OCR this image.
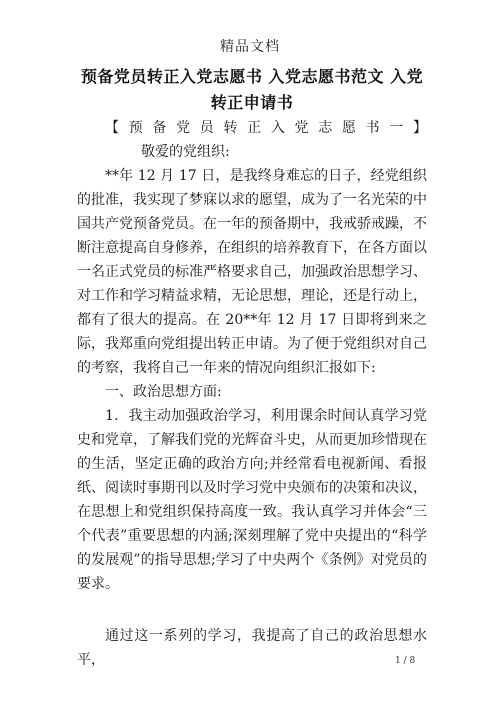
精品文档
预备党员转正入党志愿书 入党志愿书范文 入党转正申请书

【预备党员转正入党志愿书一】敬爱的党组织:

**年 12 月 17 日，是我终身难忘的日子，经党组织的批准，我实现了梦寐以求的愿望，成为了一名光荣的中国共产党预备党员。在一年的预备期中，我戒骄戒躁，不断注意提高自身修养，在组织的培养教育下，在各方面以一名正式党员的标准严格要求自己，加强政治思想学习、对工作和学习精益求精，无论思想，理论，还是行动上，都有了很大的提高。在 20**年 12 月 17 日即将到来之际，我郑重向党组提出转正申请。为了便于党组织对自己的考察，我将自己一年来的情况向组织汇报如下:

一、政治思想方面:

1．我主动加强政治学习，利用课余时间认真学习党史和党章，了解我们党的光辉奋斗史，从而更加珍惜现在的生活，坚定正确的政治方向;并经常看电视新闻、看报纸、阅读时事期刊以及时学习党中央颁布的决策和决议，在思想上和党组织保持高度一致。我认真学习并体会“三个代表”重要思想的内涵;深刻理解了党中央提出的“科学的发展观”的指导思想;学习了中央两个《条例》对党员的要求。

通过这一系列的学习，我提高了自己的政治思想水平，	1 / 8
